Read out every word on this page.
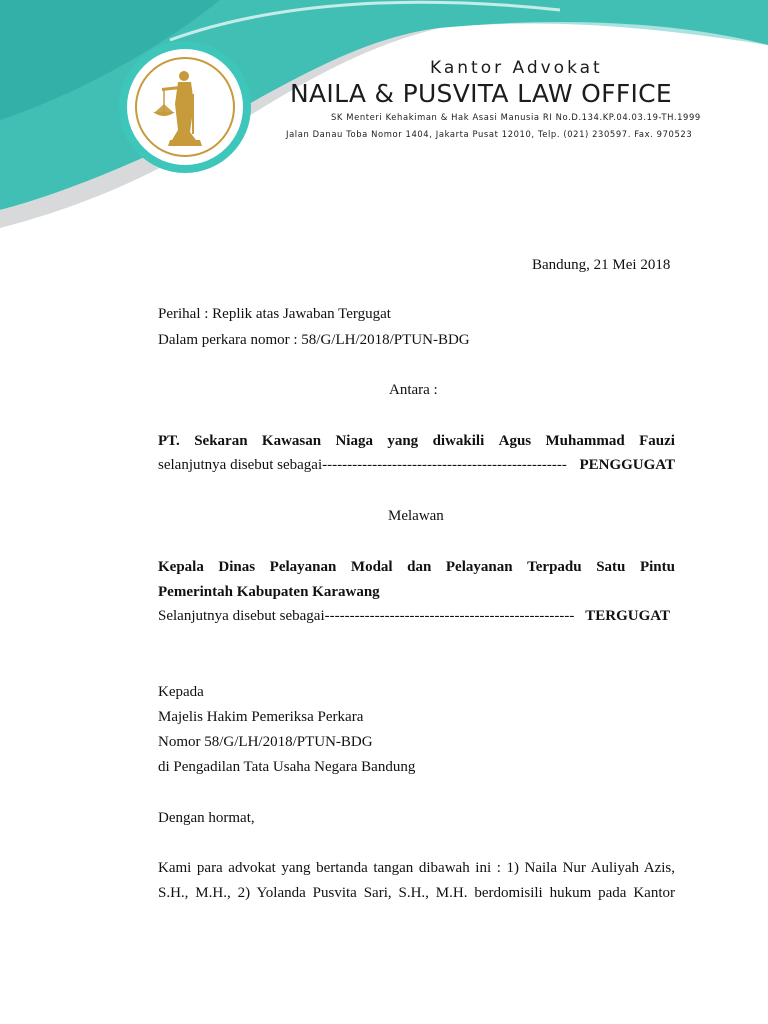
Kantor Advokat
NAILA & PUSVITA LAW OFFICE
SK Menteri Kehakiman & Hak Asasi Manusia RI No.D.134.KP.04.03.19-TH.1999
Jalan Danau Toba Nomor 1404, Jakarta Pusat 12010, Telp. (021) 230597. Fax. 970523
Bandung, 21 Mei 2018
Perihal : Replik atas Jawaban Tergugat
Dalam perkara nomor : 58/G/LH/2018/PTUN-BDG
Antara :
PT. Sekaran Kawasan Niaga yang diwakili Agus Muhammad Fauzi
selanjutnya disebut sebagai ------------------------------------------------- PENGGUGAT
Melawan
Kepala Dinas Pelayanan Modal dan Pelayanan Terpadu Satu Pintu
Pemerintah Kabupaten Karawang
Selanjutnya disebut sebagai -------------------------------------------------- TERGUGAT
Kepada
Majelis Hakim Pemeriksa Perkara
Nomor 58/G/LH/2018/PTUN-BDG
di Pengadilan Tata Usaha Negara Bandung
Dengan hormat,
Kami para advokat yang bertanda tangan dibawah ini : 1) Naila Nur Auliyah Azis,
S.H., M.H., 2) Yolanda Pusvita Sari, S.H., M.H. berdomisili hukum pada Kantor
